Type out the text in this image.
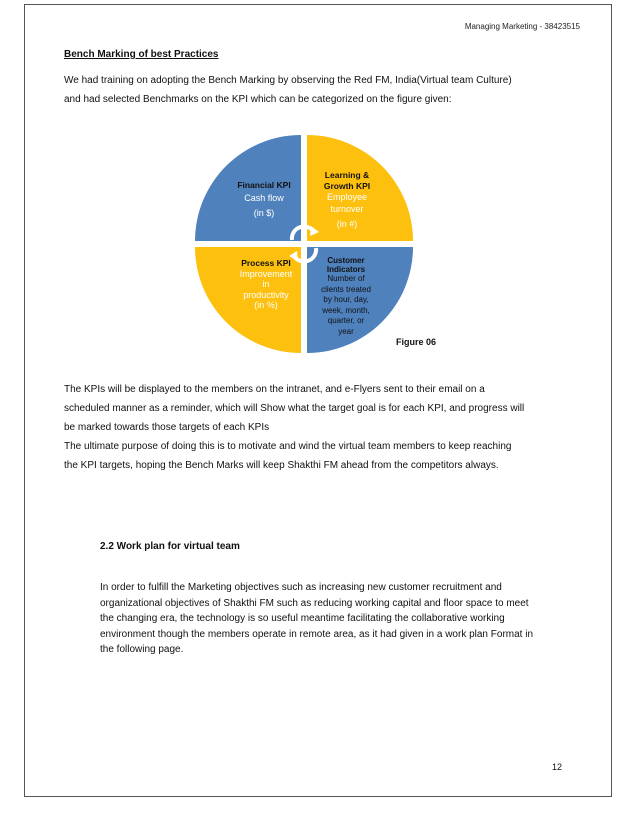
Managing Marketing - 38423515
Bench Marking of best Practices
We had training on adopting the Bench Marking by observing the Red FM, India(Virtual team Culture)
and had selected Benchmarks on the KPI which can be categorized on the figure given:
Financial KPI
Cash flow
(in $)
Learning &
Growth KPI
Employee
turnover
(in #)
Process KPI
Improvement
in
productivity
(in %)
Customer
Indicators
Number of
clients treated
by hour, day,
week, month,
quarter, or
year
Figure 06
The KPIs will be displayed to the members on the intranet, and e-Flyers sent to their email on a
scheduled manner as a reminder, which will Show what the target goal is for each KPI, and progress will
be marked towards those targets of each KPIs
The ultimate purpose of doing this is to motivate and wind the virtual team members to keep reaching
the KPI targets, hoping the Bench Marks will keep Shakthi FM ahead from the competitors always.
2.2 Work plan for virtual team
In order to fulfill the Marketing objectives such as increasing new customer recruitment and
organizational objectives of Shakthi FM such as reducing working capital and floor space to meet
the changing era, the technology is so useful meantime facilitating the collaborative working
environment though the members operate in remote area, as it had given in a work plan Format in
the following page.
12
